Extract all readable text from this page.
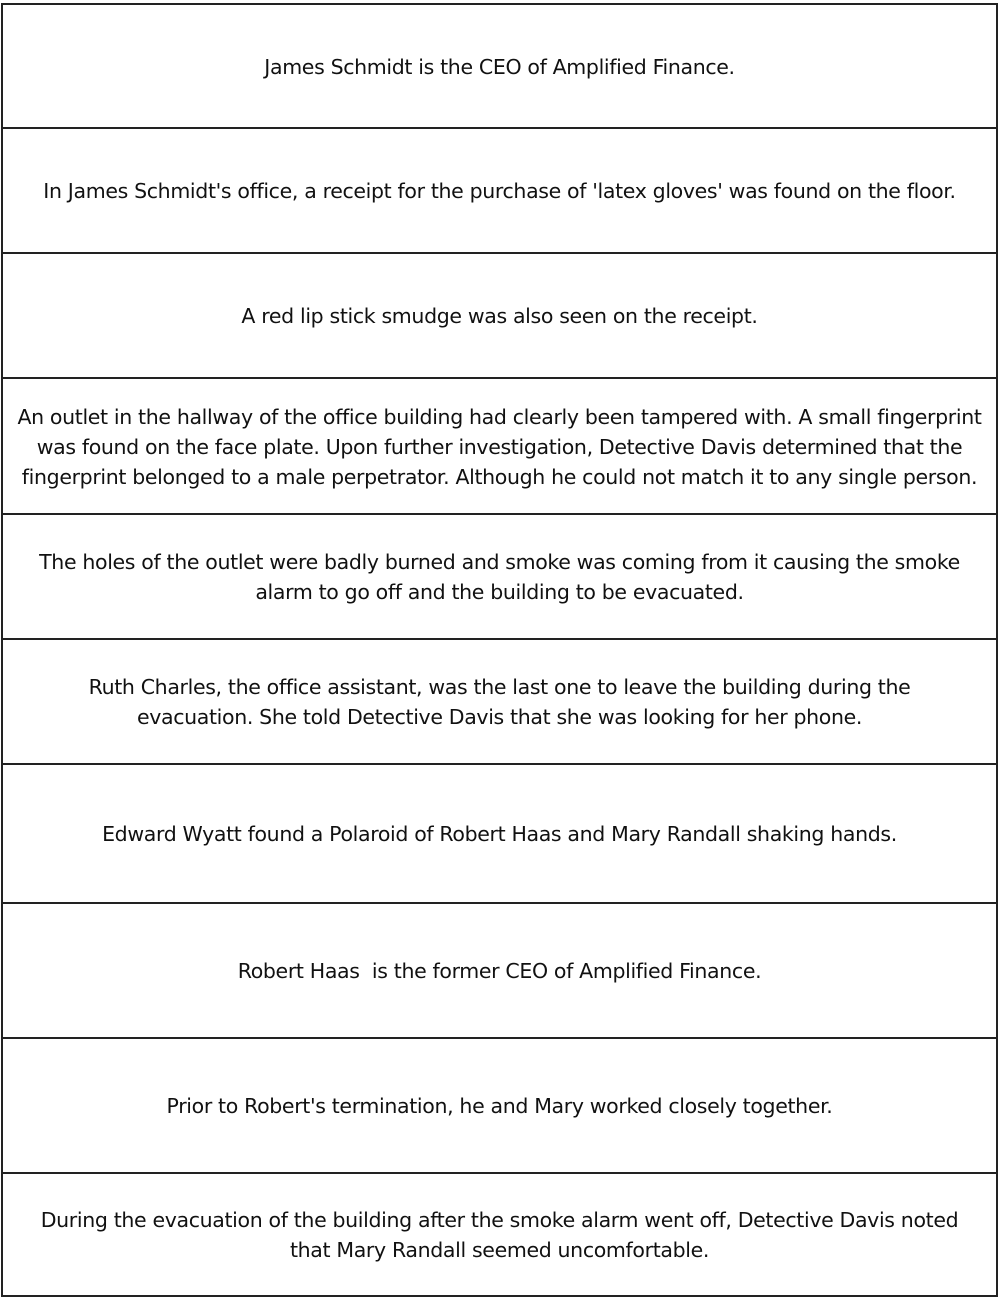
James Schmidt is the CEO of Amplified Finance.
In James Schmidt's office, a receipt for the purchase of 'latex gloves' was found on the floor.
A red lip stick smudge was also seen on the receipt.
An outlet in the hallway of the office building had clearly been tampered with. A small fingerprint was found on the face plate. Upon further investigation, Detective Davis determined that the fingerprint belonged to a male perpetrator. Although he could not match it to any single person.
The holes of the outlet were badly burned and smoke was coming from it causing the smoke alarm to go off and the building to be evacuated.
Ruth Charles, the office assistant, was the last one to leave the building during the evacuation. She told Detective Davis that she was looking for her phone.
Edward Wyatt found a Polaroid of Robert Haas and Mary Randall shaking hands.
Robert Haas  is the former CEO of Amplified Finance.
Prior to Robert's termination, he and Mary worked closely together.
During the evacuation of the building after the smoke alarm went off, Detective Davis noted that Mary Randall seemed uncomfortable.
